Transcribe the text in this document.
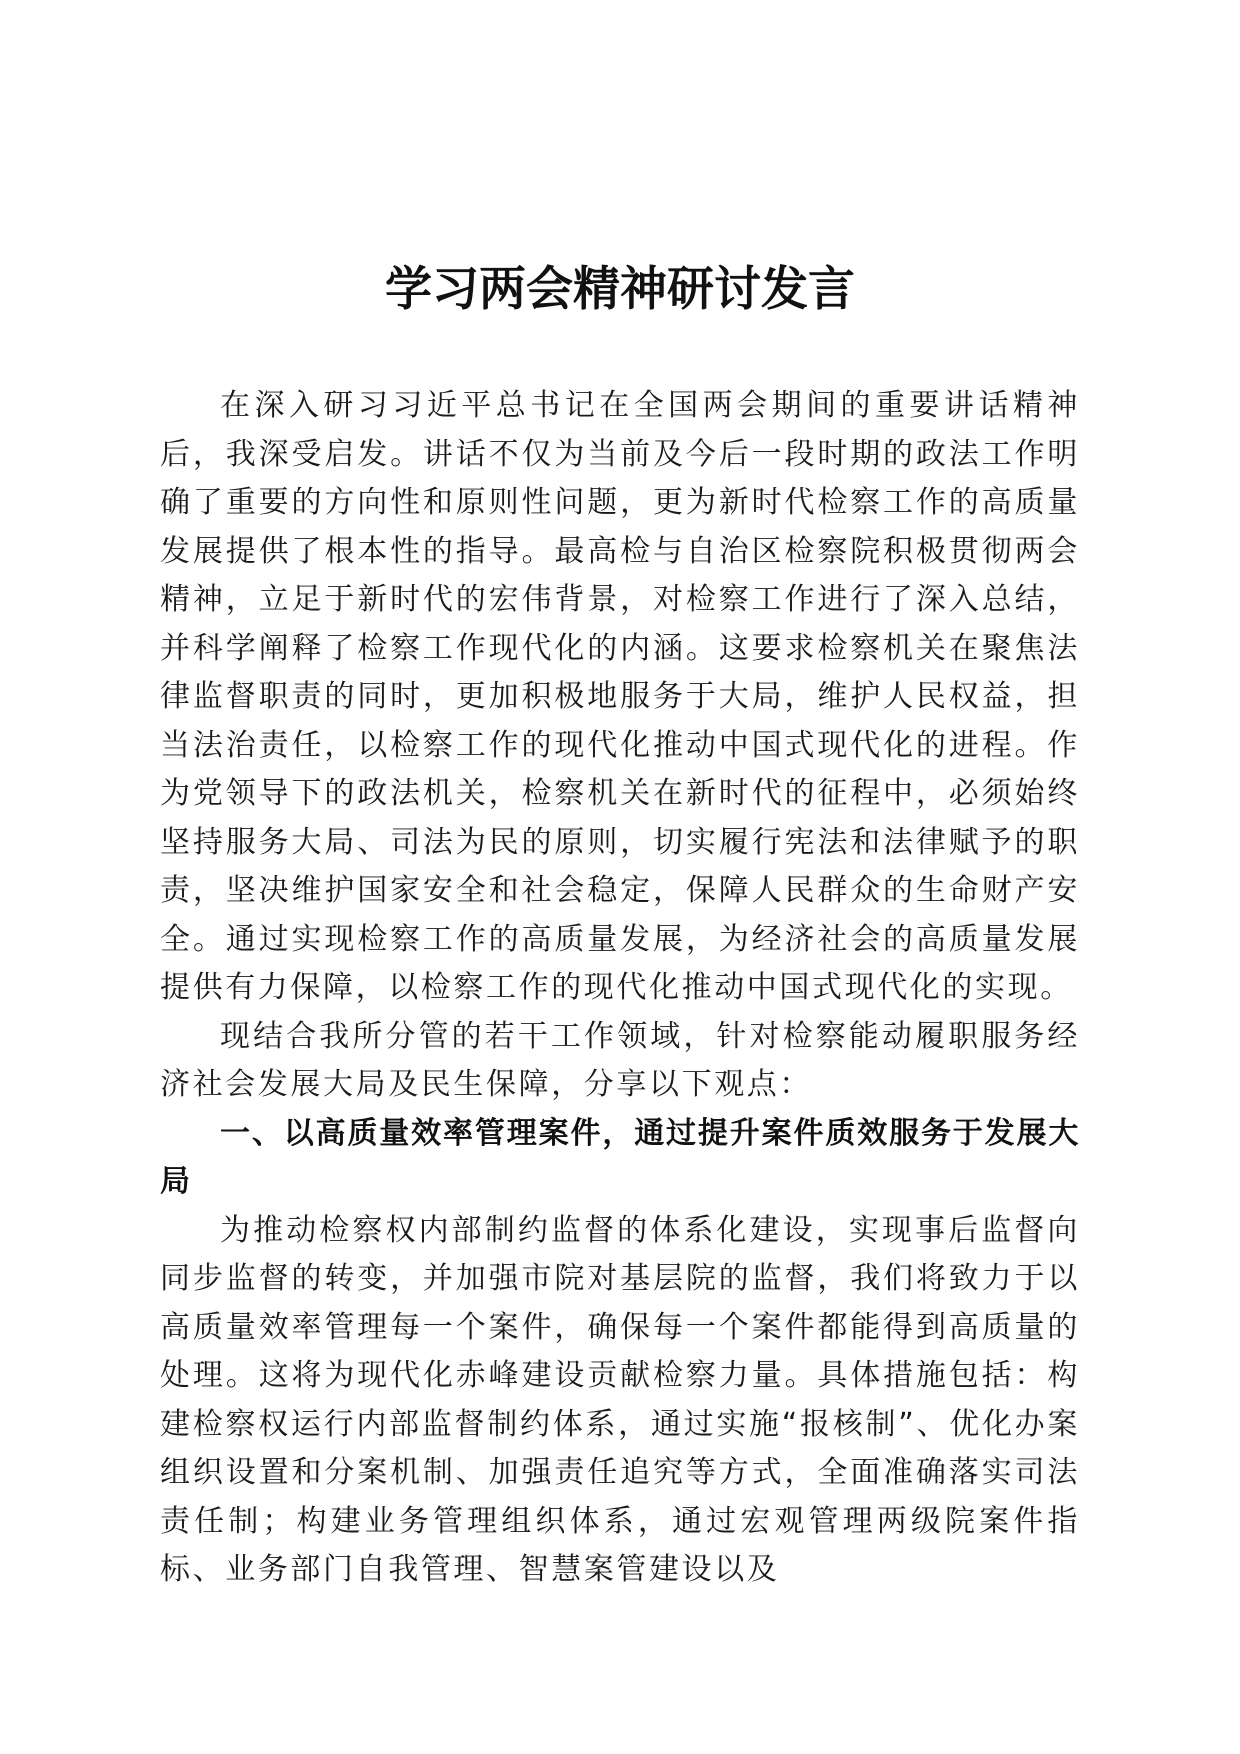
学习两会精神研讨发言

在深入研习习近平总书记在全国两会期间的重要讲话精神后，我深受启发。讲话不仅为当前及今后一段时期的政法工作明确了重要的方向性和原则性问题，更为新时代检察工作的高质量发展提供了根本性的指导。最高检与自治区检察院积极贯彻两会精神，立足于新时代的宏伟背景，对检察工作进行了深入总结，并科学阐释了检察工作现代化的内涵。这要求检察机关在聚焦法律监督职责的同时，更加积极地服务于大局，维护人民权益，担当法治责任，以检察工作的现代化推动中国式现代化的进程。作为党领导下的政法机关，检察机关在新时代的征程中，必须始终坚持服务大局、司法为民的原则，切实履行宪法和法律赋予的职责，坚决维护国家安全和社会稳定，保障人民群众的生命财产安全。通过实现检察工作的高质量发展，为经济社会的高质量发展提供有力保障，以检察工作的现代化推动中国式现代化的实现。

现结合我所分管的若干工作领域，针对检察能动履职服务经济社会发展大局及民生保障，分享以下观点：

一、以高质量效率管理案件，通过提升案件质效服务于发展大局

为推动检察权内部制约监督的体系化建设，实现事后监督向同步监督的转变，并加强市院对基层院的监督，我们将致力于以高质量效率管理每一个案件，确保每一个案件都能得到高质量的处理。这将为现代化赤峰建设贡献检察力量。具体措施包括：构建检察权运行内部监督制约体系，通过实施“报核制”、优化办案组织设置和分案机制、加强责任追究等方式，全面准确落实司法责任制；构建业务管理组织体系，通过宏观管理两级院案件指标、业务部门自我管理、智慧案管建设以及
